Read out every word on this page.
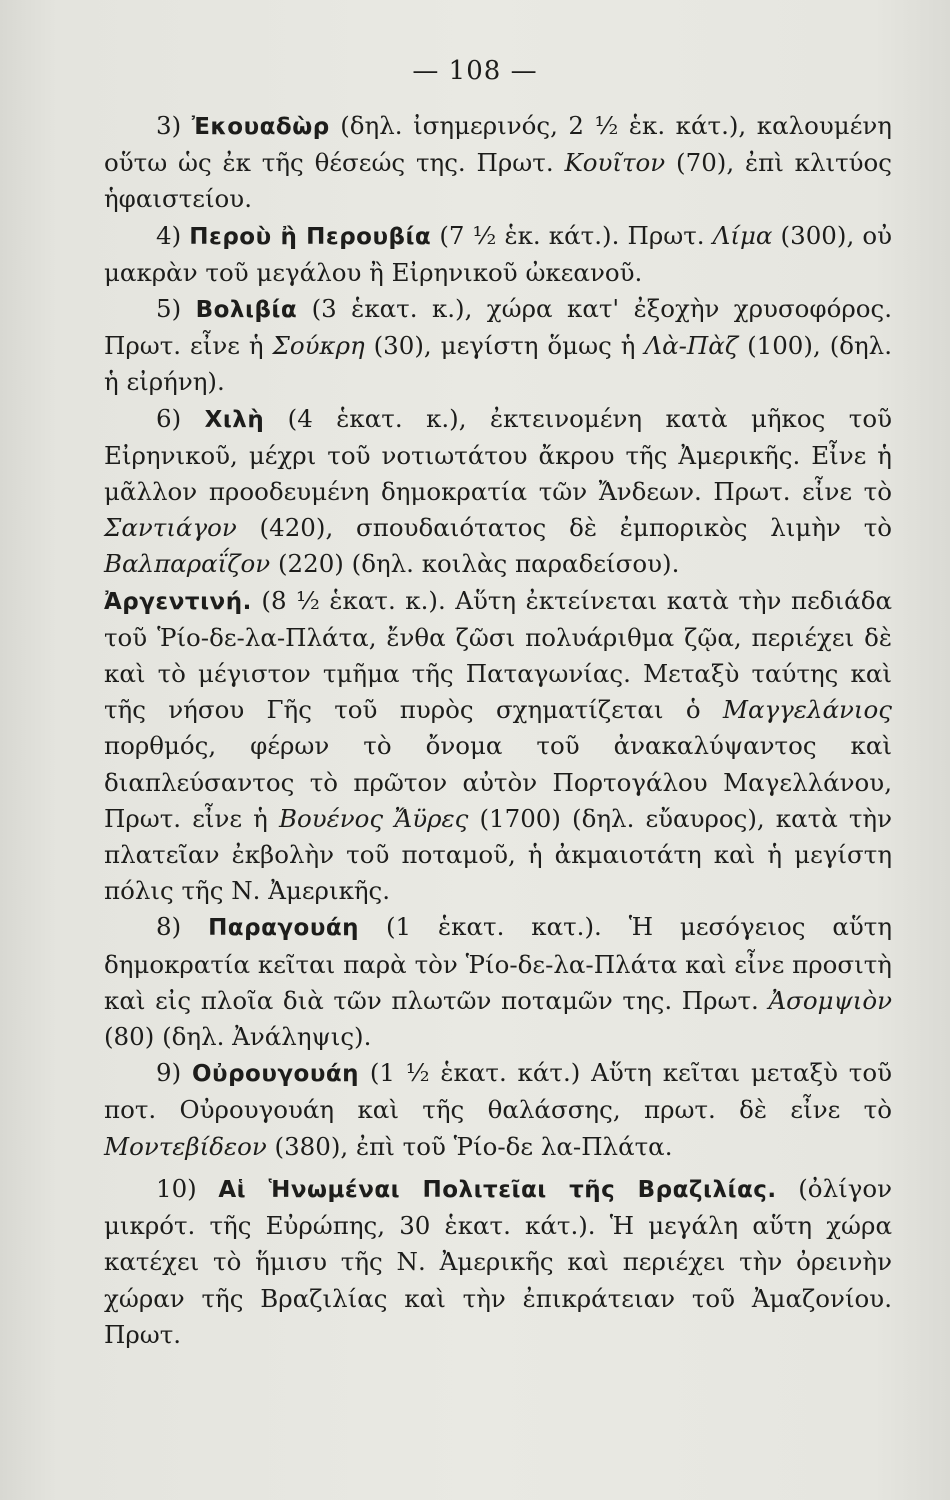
— 108 —

3) Ἐκουαδὼρ (δηλ. ἰσημερινός, 2 ½ ἑκ. κάτ.), καλουμένη οὕτω ὡς ἐκ τῆς θέσεώς της. Πρωτ. Κουῖτον (70), ἐπὶ κλιτύος ἡφαιστείου.

4) Περοὺ ἢ Περουβία (7 ½ ἑκ. κάτ.). Πρωτ. Λίμα (300), οὐ μακρὰν τοῦ μεγάλου ἢ Εἰρηνικοῦ ὠκεανοῦ.

5) Βολιβία (3 ἑκατ. κ.), χώρα κατ' ἐξοχὴν χρυσοφόρος. Πρωτ. εἶνε ἡ Σούκρη (30), μεγίστη ὅμως ἡ Λὰ-Πὰζ (100), (δηλ. ἡ εἰρήνη).

6) Χιλὴ (4 ἑκατ. κ.), ἐκτεινομένη κατὰ μῆκος τοῦ Εἰρηνικοῦ, μέχρι τοῦ νοτιωτάτου ἄκρου τῆς Ἀμερικῆς. Εἶνε ἡ μᾶλλον προοδευμένη δημοκρατία τῶν Ἄνδεων. Πρωτ. εἶνε τὸ Σαντιάγον (420), σπουδαιότατος δὲ ἐμπορικὸς λιμὴν τὸ Βαλπαραΐζον (220) (δηλ. κοιλὰς παραδείσου).

Ἀργεντινή. (8 ½ ἑκατ. κ.). Αὕτη ἐκτείνεται κατὰ τὴν πεδιάδα τοῦ Ῥίο-δε-λα-Πλάτα, ἔνθα ζῶσι πολυάριθμα ζῷα, περιέχει δὲ καὶ τὸ μέγιστον τμῆμα τῆς Παταγωνίας. Μεταξὺ ταύτης καὶ τῆς νήσου Γῆς τοῦ πυρὸς σχηματίζεται ὁ Μαγγελάνιος πορθμός, φέρων τὸ ὄνομα τοῦ ἀνακαλύψαντος καὶ διαπλεύσαντος τὸ πρῶτον αὐτὸν Πορτογάλου Μαγελλάνου, Πρωτ. εἶνε ἡ Βουένος Ἄϋρες (1700) (δηλ. εὔαυρος), κατὰ τὴν πλατεῖαν ἐκβολὴν τοῦ ποταμοῦ, ἡ ἀκμαιοτάτη καὶ ἡ μεγίστη πόλις τῆς Ν. Ἀμερικῆς.

8) Παραγουάη (1 ἑκατ. κατ.). Ἡ μεσόγειος αὕτη δημοκρατία κεῖται παρὰ τὸν Ῥίο-δε-λα-Πλάτα καὶ εἶνε προσιτὴ καὶ εἰς πλοῖα διὰ τῶν πλωτῶν ποταμῶν της. Πρωτ. Ἀσομψιὸν (80) (δηλ. Ἀνάληψις).

9) Οὐρουγουάη (1 ½ ἑκατ. κάτ.) Αὕτη κεῖται μεταξὺ τοῦ ποτ. Οὐρουγουάη καὶ τῆς θαλάσσης, πρωτ. δὲ εἶνε τὸ Μοντεβίδεον (380), ἐπὶ τοῦ Ῥίο-δε λα-Πλάτα.

10) Αἱ Ἡνωμέναι Πολιτεῖαι τῆς Βραζιλίας. (ὀλίγον μικρότ. τῆς Εὐρώπης, 30 ἑκατ. κάτ.). Ἡ μεγάλη αὕτη χώρα κατέχει τὸ ἥμισυ τῆς Ν. Ἀμερικῆς καὶ περιέχει τὴν ὀρεινὴν χώραν τῆς Βραζιλίας καὶ τὴν ἐπικράτειαν τοῦ Ἀμαζονίου. Πρωτ.
